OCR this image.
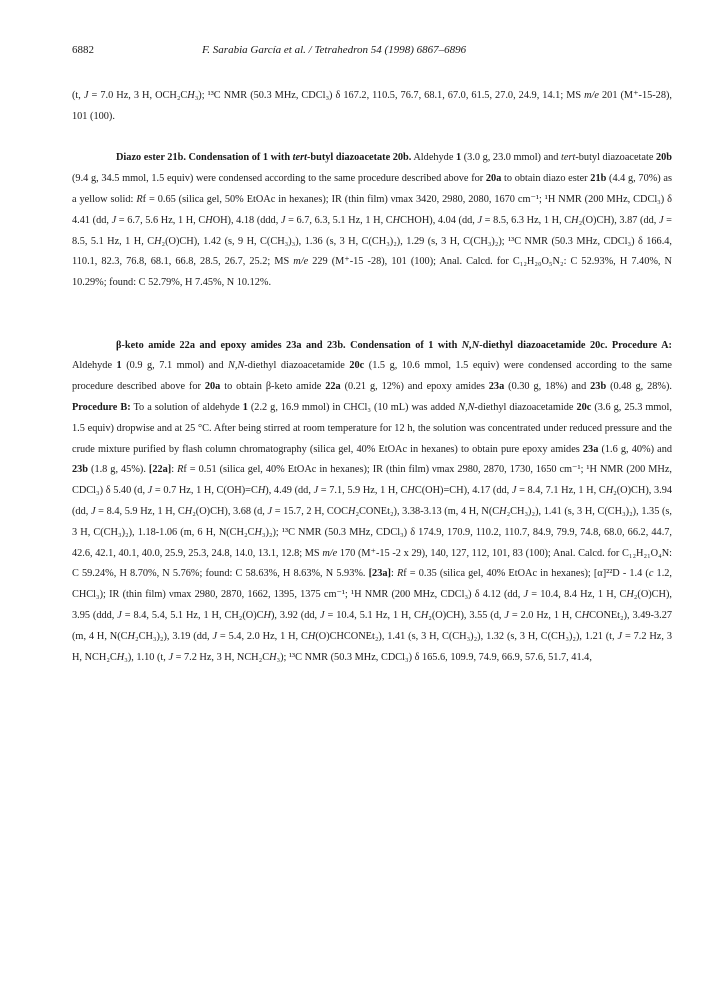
6882	F. Sarabia García et al. / Tetrahedron 54 (1998) 6867–6896

(t, J = 7.0 Hz, 3 H, OCH₂CH₃); ¹³C NMR (50.3 MHz, CDCl₃) δ 167.2, 110.5, 76.7, 68.1, 67.0, 61.5, 27.0, 24.9, 14.1; MS m/e 201 (M⁺-15-28), 101 (100).

Diazo ester 21b. Condensation of 1 with tert-butyl diazoacetate 20b. Aldehyde 1 (3.0 g, 23.0 mmol) and tert-butyl diazoacetate 20b (9.4 g, 34.5 mmol, 1.5 equiv) were condensed according to the same procedure described above for 20a to obtain diazo ester 21b (4.4 g, 70%) as a yellow solid: Rf = 0.65 (silica gel, 50% EtOAc in hexanes); IR (thin film) νmax 3420, 2980, 2080, 1670 cm⁻¹; ¹H NMR (200 MHz, CDCl₃) δ 4.41 (dd, J = 6.7, 5.6 Hz, 1 H, CHOH), 4.18 (ddd, J = 6.7, 6.3, 5.1 Hz, 1 H, CHCHOH), 4.04 (dd, J = 8.5, 6.3 Hz, 1 H, CH₂(O)CH), 3.87 (dd, J = 8.5, 5.1 Hz, 1 H, CH₂(O)CH), 1.42 (s, 9 H, C(CH₃)₃), 1.36 (s, 3 H, C(CH₃)₂), 1.29 (s, 3 H, C(CH₃)₂); ¹³C NMR (50.3 MHz, CDCl₃) δ 166.4, 110.1, 82.3, 76.8, 68.1, 66.8, 28.5, 26.7, 25.2; MS m/e 229 (M⁺-15 -28), 101 (100); Anal. Calcd. for C₁₂H₂₀O₅N₂: C 52.93%, H 7.40%, N 10.29%; found: C 52.79%, H 7.45%, N 10.12%.

β-keto amide 22a and epoxy amides 23a and 23b. Condensation of 1 with N,N-diethyl diazoacetamide 20c. Procedure A: Aldehyde 1 (0.9 g, 7.1 mmol) and N,N-diethyl diazoacetamide 20c (1.5 g, 10.6 mmol, 1.5 equiv) were condensed according to the same procedure described above for 20a to obtain β-keto amide 22a (0.21 g, 12%) and epoxy amides 23a (0.30 g, 18%) and 23b (0.48 g, 28%). Procedure B: To a solution of aldehyde 1 (2.2 g, 16.9 mmol) in CHCl₃ (10 mL) was added N,N-diethyl diazoacetamide 20c (3.6 g, 25.3 mmol, 1.5 equiv) dropwise and at 25 °C. After being stirred at room temperature for 12 h, the solution was concentrated under reduced pressure and the crude mixture purified by flash column chromatography (silica gel, 40% EtOAc in hexanes) to obtain pure epoxy amides 23a (1.6 g, 40%) and 23b (1.8 g, 45%). [22a]: Rf = 0.51 (silica gel, 40% EtOAc in hexanes); IR (thin film) νmax 2980, 2870, 1730, 1650 cm⁻¹; ¹H NMR (200 MHz, CDCl₃) δ 5.40 (d, J = 0.7 Hz, 1 H, C(OH)=CH), 4.49 (dd, J = 7.1, 5.9 Hz, 1 H, CHC(OH)=CH), 4.17 (dd, J = 8.4, 7.1 Hz, 1 H, CH₂(O)CH), 3.94 (dd, J = 8.4, 5.9 Hz, 1 H, CH₂(O)CH), 3.68 (d, J = 15.7, 2 H, COCH₂CONEt₂), 3.38-3.13 (m, 4 H, N(CH₂CH₃)₂), 1.41 (s, 3 H, C(CH₃)₂), 1.35 (s, 3 H, C(CH₃)₂), 1.18-1.06 (m, 6 H, N(CH₂CH₃)₂); ¹³C NMR (50.3 MHz, CDCl₃) δ 174.9, 170.9, 110.2, 110.7, 84.9, 79.9, 74.8, 68.0, 66.2, 44.7, 42.6, 42.1, 40.1, 40.0, 25.9, 25.3, 24.8, 14.0, 13.1, 12.8; MS m/e 170 (M⁺-15 -2 x 29), 140, 127, 112, 101, 83 (100); Anal. Calcd. for C₁₂H₂₁O₄N: C 59.24%, H 8.70%, N 5.76%; found: C 58.63%, H 8.63%, N 5.93%. [23a]: Rf = 0.35 (silica gel, 40% EtOAc in hexanes); [α]²²D - 1.4 (c 1.2, CHCl₃); IR (thin film) νmax 2980, 2870, 1662, 1395, 1375 cm⁻¹; ¹H NMR (200 MHz, CDCl₃) δ 4.12 (dd, J = 10.4, 8.4 Hz, 1 H, CH₂(O)CH), 3.95 (ddd, J = 8.4, 5.4, 5.1 Hz, 1 H, CH₂(O)CH), 3.92 (dd, J = 10.4, 5.1 Hz, 1 H, CH₂(O)CH), 3.55 (d, J = 2.0 Hz, 1 H, CHCONEt₂), 3.49-3.27 (m, 4 H, N(CH₂CH₃)₂), 3.19 (dd, J = 5.4, 2.0 Hz, 1 H, CH(O)CHCONEt₂), 1.41 (s, 3 H, C(CH₃)₂), 1.32 (s, 3 H, C(CH₃)₂), 1.21 (t, J = 7.2 Hz, 3 H, NCH₂CH₃), 1.10 (t, J = 7.2 Hz, 3 H, NCH₂CH₃); ¹³C NMR (50.3 MHz, CDCl₃) δ 165.6, 109.9, 74.9, 66.9, 57.6, 51.7, 41.4,
